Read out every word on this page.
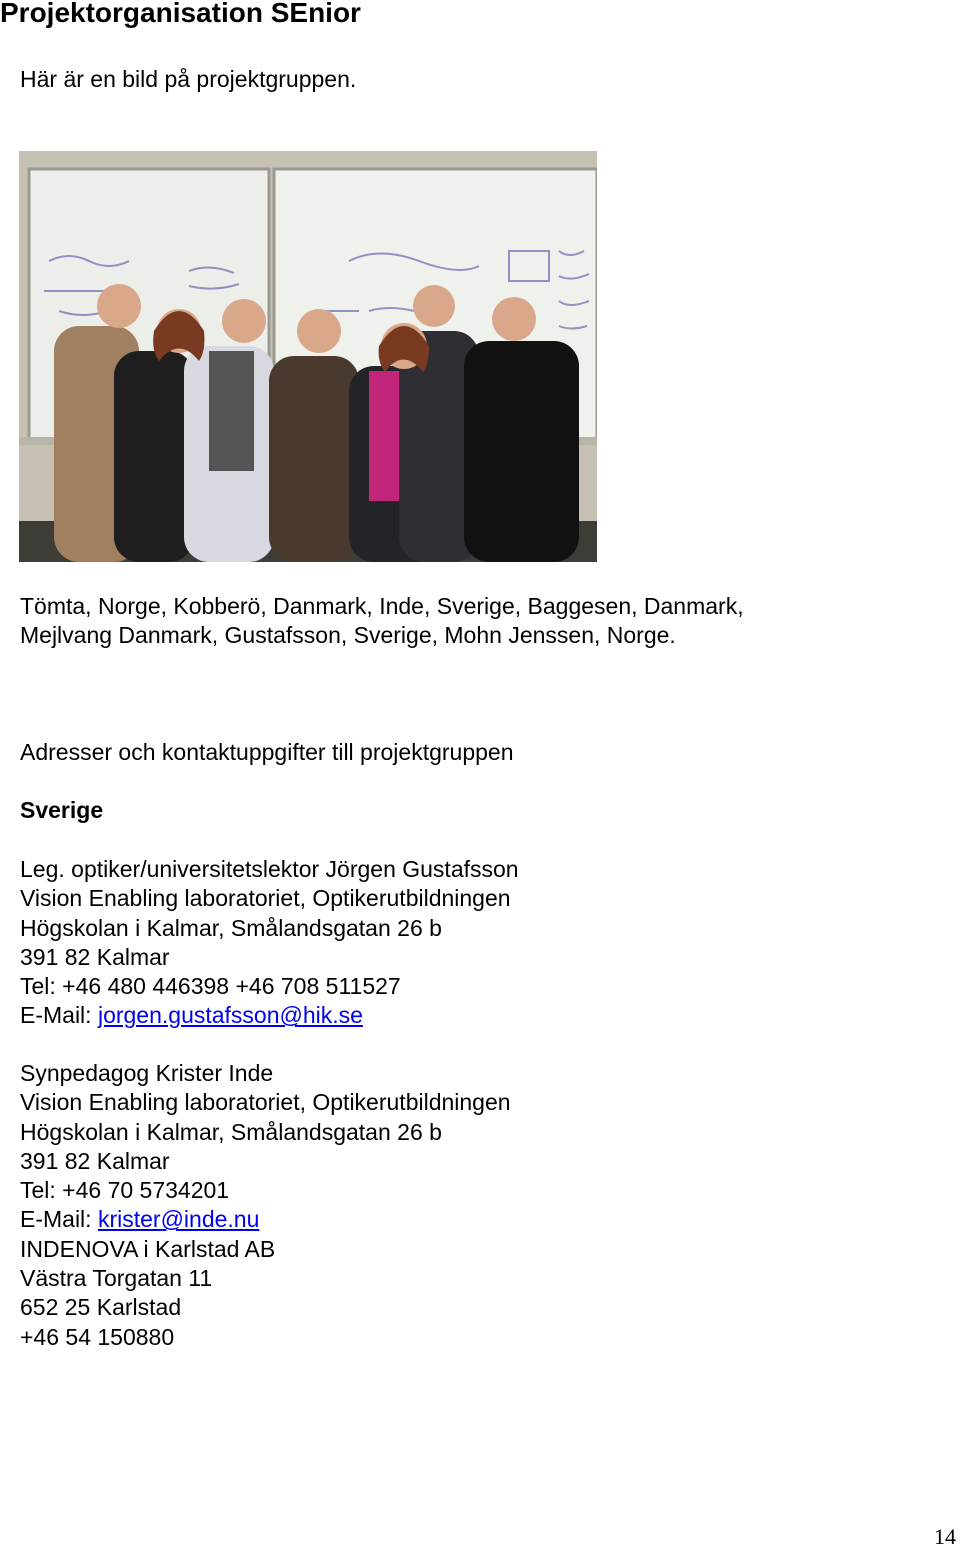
Projektorganisation SEnior
Här är en bild på projektgruppen.
Tömta, Norge, Kobberö, Danmark, Inde, Sverige, Baggesen, Danmark,
Mejlvang Danmark, Gustafsson, Sverige, Mohn Jenssen, Norge.
Adresser och kontaktuppgifter till projektgruppen
Sverige
Leg. optiker/universitetslektor Jörgen Gustafsson
Vision Enabling laboratoriet, Optikerutbildningen
Högskolan i Kalmar, Smålandsgatan 26 b
391 82 Kalmar
Tel: +46 480 446398 +46 708 511527
E-Mail: jorgen.gustafsson@hik.se
Synpedagog Krister Inde
Vision Enabling laboratoriet, Optikerutbildningen
Högskolan i Kalmar, Smålandsgatan 26 b
391 82 Kalmar
Tel: +46 70 5734201
E-Mail: krister@inde.nu
INDENOVA i Karlstad AB
Västra Torgatan 11
652 25 Karlstad
+46 54 150880
14
